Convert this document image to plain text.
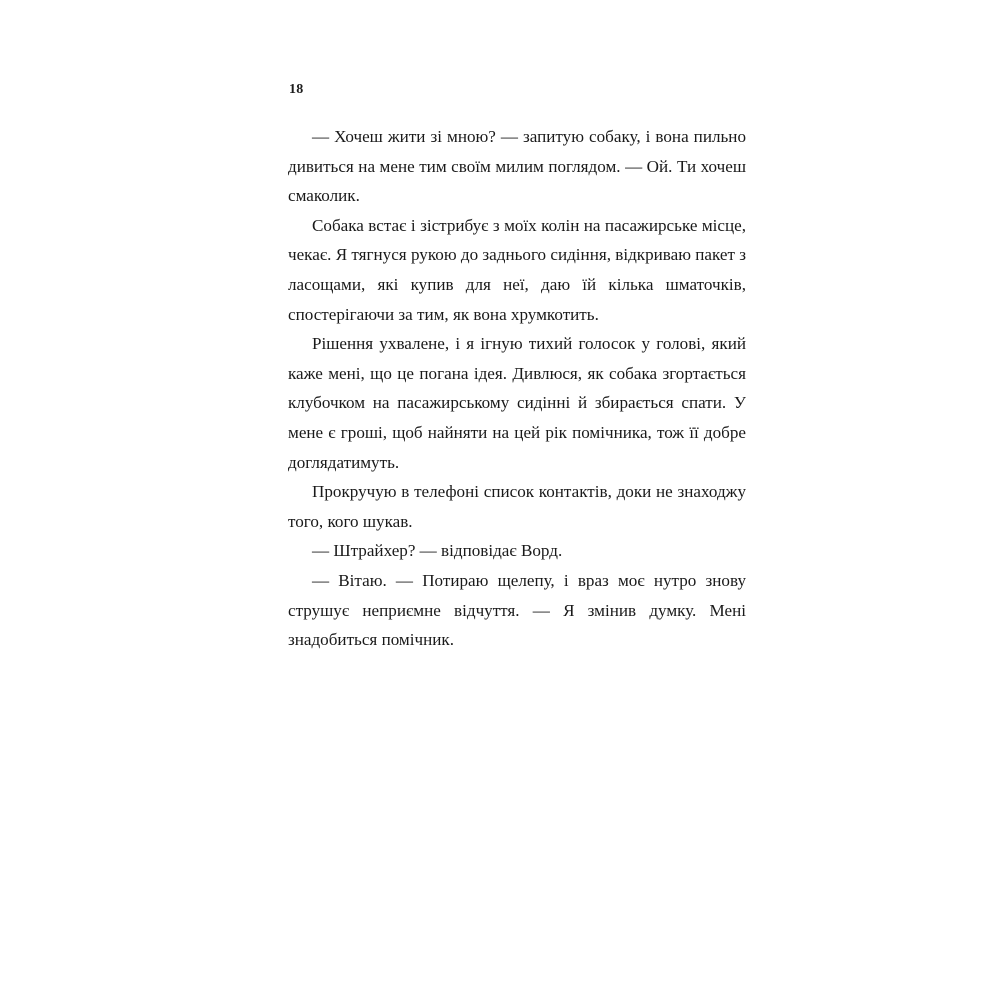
18

— Хочеш жити зі мною? — запитую собаку, і вона пильно дивиться на мене тим своїм милим поглядом. — Ой. Ти хочеш смаколик.

Собака встає і зістрибує з моїх колін на пасажирське місце, чекає. Я тягнуся рукою до заднього сидіння, відкриваю пакет з ласощами, які купив для неї, даю їй кілька шматочків, спостерігаючи за тим, як вона хрумкотить.

Рішення ухвалене, і я ігную тихий голосок у голові, який каже мені, що це погана ідея. Дивлюся, як собака згортається клубочком на пасажирському сидінні й збирається спати. У мене є гроші, щоб найняти на цей рік помічника, тож її добре доглядатимуть.

Прокручую в телефоні список контактів, доки не знаходжу того, кого шукав.

— Штрайхер? — відповідає Ворд.

— Вітаю. — Потираю щелепу, і враз моє нутро знову струшує неприємне відчуття. — Я змінив думку. Мені знадобиться помічник.
